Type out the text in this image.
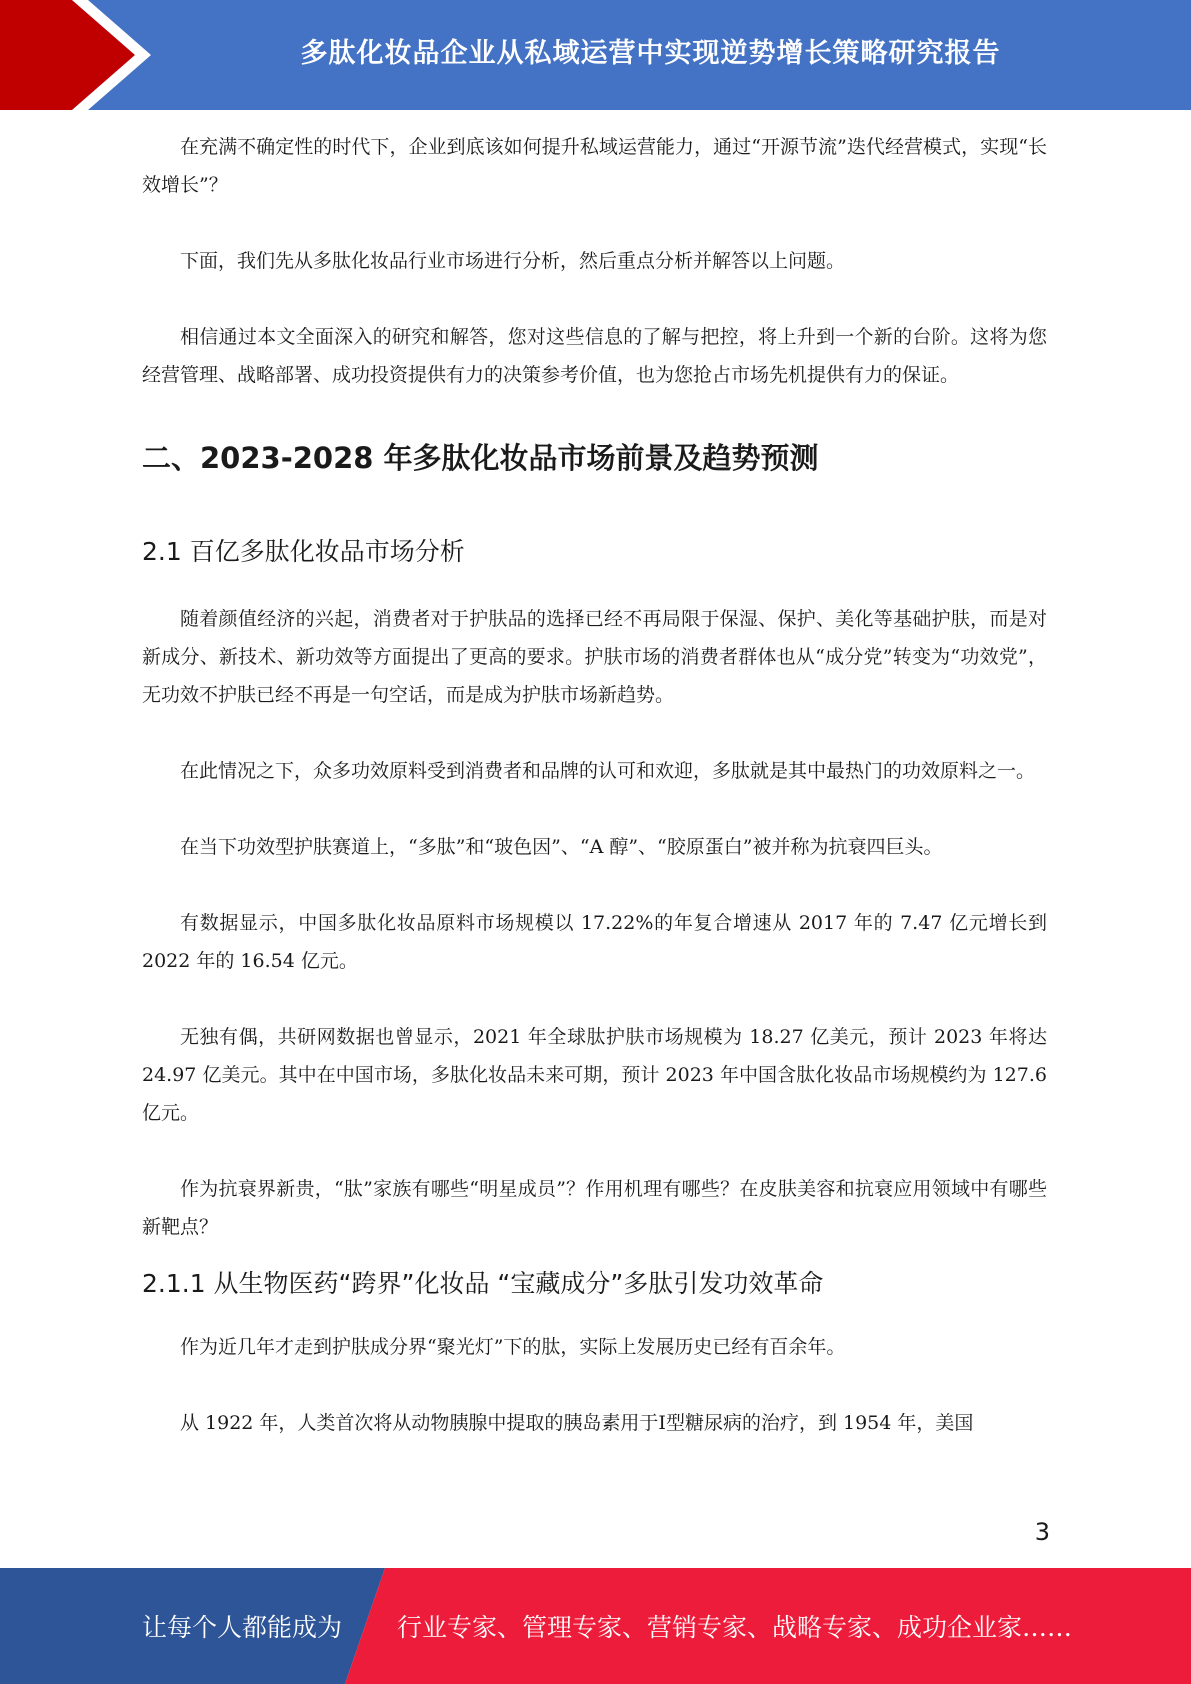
多肽化妆品企业从私域运营中实现逆势增长策略研究报告

在充满不确定性的时代下，企业到底该如何提升私域运营能力，通过“开源节流”迭代经营模式，实现“长效增长”？

下面，我们先从多肽化妆品行业市场进行分析，然后重点分析并解答以上问题。

相信通过本文全面深入的研究和解答，您对这些信息的了解与把控，将上升到一个新的台阶。这将为您经营管理、战略部署、成功投资提供有力的决策参考价值，也为您抢占市场先机提供有力的保证。

二、2023-2028 年多肽化妆品市场前景及趋势预测
2.1 百亿多肽化妆品市场分析

随着颜值经济的兴起，消费者对于护肤品的选择已经不再局限于保湿、保护、美化等基础护肤，而是对新成分、新技术、新功效等方面提出了更高的要求。护肤市场的消费者群体也从“成分党”转变为“功效党”，无功效不护肤已经不再是一句空话，而是成为护肤市场新趋势。

在此情况之下，众多功效原料受到消费者和品牌的认可和欢迎，多肽就是其中最热门的功效原料之一。

在当下功效型护肤赛道上，“多肽”和“玻色因”、“A 醇”、“胶原蛋白”被并称为抗衰四巨头。

有数据显示，中国多肽化妆品原料市场规模以 17.22%的年复合增速从 2017 年的 7.47 亿元增长到 2022 年的 16.54 亿元。

无独有偶，共研网数据也曾显示，2021 年全球肽护肤市场规模为 18.27 亿美元，预计 2023 年将达 24.97 亿美元。其中在中国市场，多肽化妆品未来可期，预计 2023 年中国含肽化妆品市场规模约为 127.6 亿元。

作为抗衰界新贵，“肽”家族有哪些“明星成员”？作用机理有哪些？在皮肤美容和抗衰应用领域中有哪些新靶点？

2.1.1 从生物医药“跨界”化妆品 “宝藏成分”多肽引发功效革命

作为近几年才走到护肤成分界“聚光灯”下的肽，实际上发展历史已经有百余年。

从 1922 年，人类首次将从动物胰腺中提取的胰岛素用于Ⅰ型糖尿病的治疗，到 1954 年，美国

3
让每个人都能成为 行业专家、管理专家、营销专家、战略专家、成功企业家……
